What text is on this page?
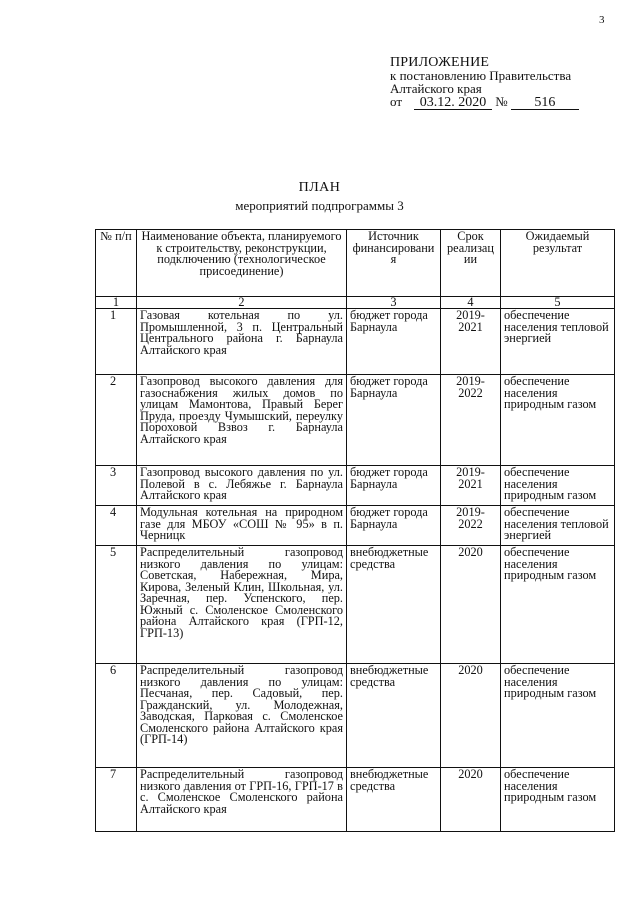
3
ПРИЛОЖЕНИЕ
к постановлению Правительства
Алтайского края
от 03.12. 2020 № 516
ПЛАН
мероприятий подпрограммы 3
№ п/п	Наименование объекта, планируемого к строительству, реконструкции, подключению (технологическое присоединение)	Источник финансирования	Срок реализации	Ожидаемый результат
1	2	3	4	5
1	Газовая котельная по ул. Промышленной, 3 п. Центральный Центрального района г. Барнаула Алтайского края	бюджет города Барнаула	2019-2021	обеспечение населения тепловой энергией
2	Газопровод высокого давления для газоснабжения жилых домов по улицам Мамонтова, Правый Берег Пруда, проезду Чумышский, переулку Пороховой Взвоз г. Барнаула Алтайского края	бюджет города Барнаула	2019-2022	обеспечение населения природным газом
3	Газопровод высокого давления по ул. Полевой в с. Лебяжье г. Барнаула Алтайского края	бюджет города Барнаула	2019-2021	обеспечение населения природным газом
4	Модульная котельная на природном газе для МБОУ «СОШ № 95» в п. Черницк	бюджет города Барнаула	2019-2022	обеспечение населения тепловой энергией
5	Распределительный газопровод низкого давления по улицам: Советская, Набережная, Мира, Кирова, Зеленый Клин, Школьная, ул. Заречная, пер. Успенского, пер. Южный с. Смоленское Смоленского района Алтайского края (ГРП-12, ГРП-13)	внебюджетные средства	2020	обеспечение населения природным газом
6	Распределительный газопровод низкого давления по улицам: Песчаная, пер. Садовый, пер. Гражданский, ул. Молодежная, Заводская, Парковая с. Смоленское Смоленского района Алтайского края (ГРП-14)	внебюджетные средства	2020	обеспечение населения природным газом
7	Распределительный газопровод низкого давления от ГРП-16, ГРП-17 в с. Смоленское Смоленского района Алтайского края	внебюджетные средства	2020	обеспечение населения природным газом
